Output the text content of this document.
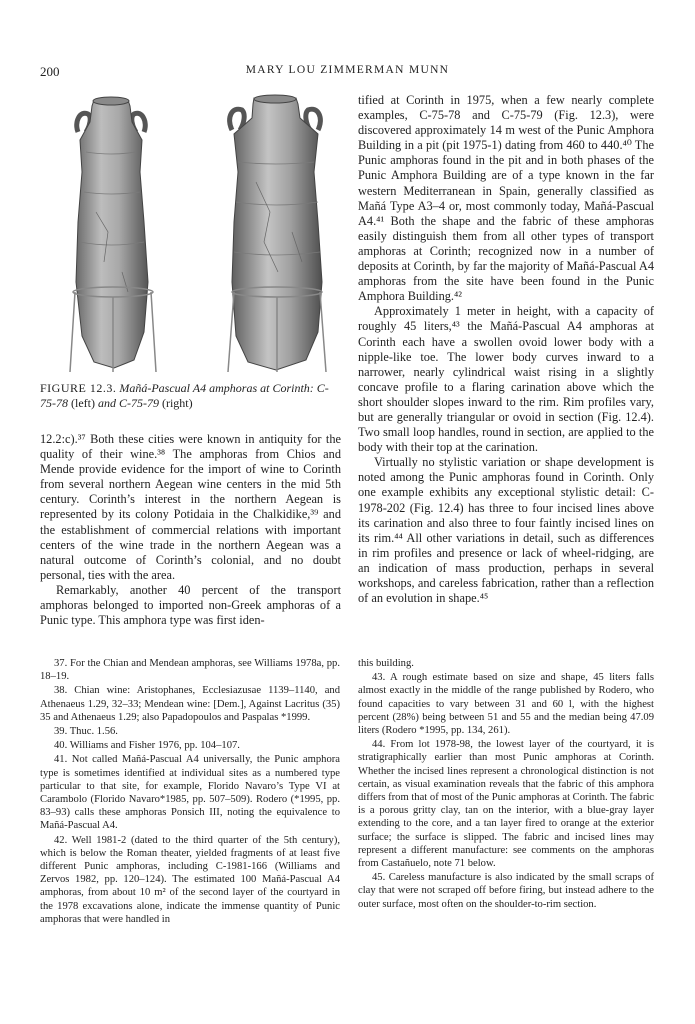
200	MARY LOU ZIMMERMAN MUNN
FIGURE 12.3. Mañá-Pascual A4 amphoras at Corinth: C-75-78 (left) and C-75-79 (right)

12.2:c).³⁷ Both these cities were known in antiquity for the quality of their wine.³⁸ The amphoras from Chios and Mende provide evidence for the import of wine to Corinth from several northern Aegean wine centers in the mid 5th century. Corinth’s interest in the northern Aegean is represented by its colony Potidaia in the Chalkidike,³⁹ and the establishment of commercial relations with important centers of the wine trade in the northern Aegean was a natural outcome of Corinth’s colonial, and no doubt personal, ties with the area.

Remarkably, another 40 percent of the transport amphoras belonged to imported non-Greek amphoras of a Punic type. This amphora type was first iden-

tified at Corinth in 1975, when a few nearly complete examples, C-75-78 and C-75-79 (Fig. 12.3), were discovered approximately 14 m west of the Punic Amphora Building in a pit (pit 1975-1) dating from 460 to 440.⁴⁰ The Punic amphoras found in the pit and in both phases of the Punic Amphora Building are of a type known in the far western Mediterranean in Spain, generally classified as Mañá Type A3–4 or, most commonly today, Mañá-Pascual A4.⁴¹ Both the shape and the fabric of these amphoras easily distinguish them from all other types of transport amphoras at Corinth; recognized now in a number of deposits at Corinth, by far the majority of Mañá-Pascual A4 amphoras from the site have been found in the Punic Amphora Building.⁴²

Approximately 1 meter in height, with a capacity of roughly 45 liters,⁴³ the Mañá-Pascual A4 amphoras at Corinth each have a swollen ovoid lower body with a nipple-like toe. The lower body curves inward to a narrower, nearly cylindrical waist rising in a slightly concave profile to a flaring carination above which the short shoulder slopes inward to the rim. Rim profiles vary, but are generally triangular or ovoid in section (Fig. 12.4). Two small loop handles, round in section, are applied to the body with their top at the carination.

Virtually no stylistic variation or shape development is noted among the Punic amphoras found in Corinth. Only one example exhibits any exceptional stylistic detail: C-1978-202 (Fig. 12.4) has three to four incised lines above its carination and also three to four faintly incised lines on its rim.⁴⁴ All other variations in detail, such as differences in rim profiles and presence or lack of wheel-ridging, are an indication of mass production, perhaps in several workshops, and careless fabrication, rather than a reflection of an evolution in shape.⁴⁵

37. For the Chian and Mendean amphoras, see Williams 1978a, pp. 18–19.

38. Chian wine: Aristophanes, Ecclesiazusae 1139–1140, and Athenaeus 1.29, 32–33; Mendean wine: [Dem.], Against Lacritus (35) 35 and Athenaeus 1.29; also Papadopoulos and Paspalas *1999.

39. Thuc. 1.56.

40. Williams and Fisher 1976, pp. 104–107.

41. Not called Mañá-Pascual A4 universally, the Punic amphora type is sometimes identified at individual sites as a numbered type particular to that site, for example, Florido Navaro’s Type VI at Carambolo (Florido Navaro*1985, pp. 507–509). Rodero (*1995, pp. 83–93) calls these amphoras Ponsich III, noting the equivalence to Mañá-Pascual A4.

42. Well 1981-2 (dated to the third quarter of the 5th century), which is below the Roman theater, yielded fragments of at least five different Punic amphoras, including C-1981-166 (Williams and Zervos 1982, pp. 120–124). The estimated 100 Mañá-Pascual A4 amphoras, from about 10 m² of the second layer of the courtyard in the 1978 excavations alone, indicate the immense quantity of Punic amphoras that were handled in

this building.

43. A rough estimate based on size and shape, 45 liters falls almost exactly in the middle of the range published by Rodero, who found capacities to vary between 31 and 60 l, with the highest percent (28%) being between 51 and 55 and the median being 47.09 liters (Rodero *1995, pp. 134, 261).

44. From lot 1978-98, the lowest layer of the courtyard, it is stratigraphically earlier than most Punic amphoras at Corinth. Whether the incised lines represent a chronological distinction is not certain, as visual examination reveals that the fabric of this amphora differs from that of most of the Punic amphoras at Corinth. The fabric is a porous gritty clay, tan on the interior, with a blue-gray layer extending to the core, and a tan layer fired to orange at the exterior surface; the surface is slipped. The fabric and incised lines may represent a different manufacture: see comments on the amphoras from Castañuelo, note 71 below.

45. Careless manufacture is also indicated by the small scraps of clay that were not scraped off before firing, but instead adhere to the outer surface, most often on the shoulder-to-rim section.
